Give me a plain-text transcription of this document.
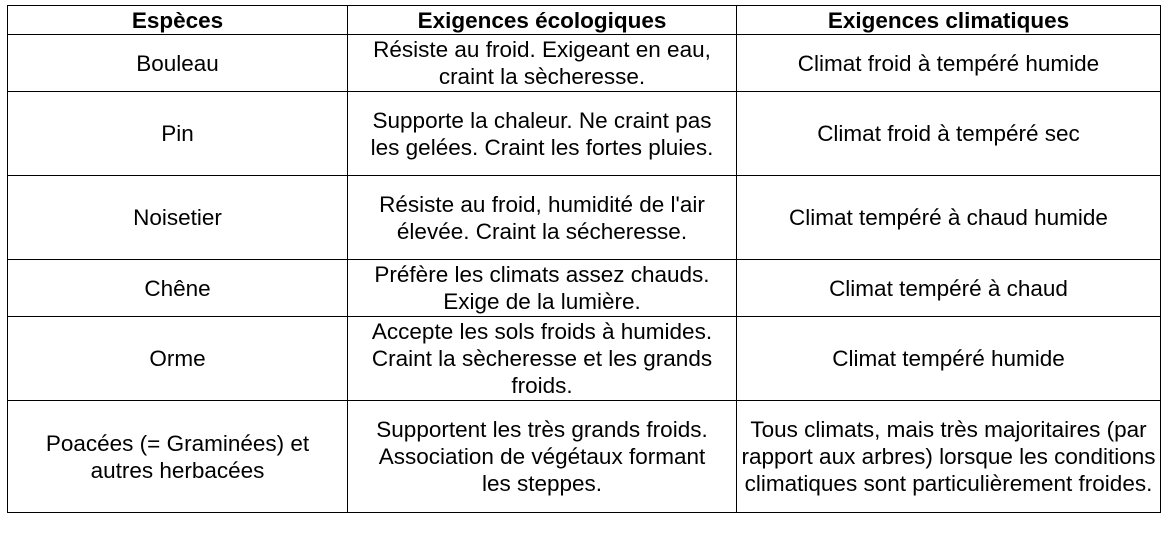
Espèces	Exigences écologiques	Exigences climatiques
Bouleau	Résiste au froid. Exigeant en eau, craint la sècheresse.	Climat froid à tempéré humide
Pin	Supporte la chaleur. Ne craint pas les gelées. Craint les fortes pluies.	Climat froid à tempéré sec
Noisetier	Résiste au froid, humidité de l'air élevée. Craint la sécheresse.	Climat tempéré à chaud humide
Chêne	Préfère les climats assez chauds. Exige de la lumière.	Climat tempéré à chaud
Orme	Accepte les sols froids à humides. Craint la sècheresse et les grands froids.	Climat tempéré humide
Poacées (= Graminées) et autres herbacées	Supportent les très grands froids. Association de végétaux formant les steppes.	Tous climats, mais très majoritaires (par rapport aux arbres) lorsque les conditions climatiques sont particulièrement froides.
